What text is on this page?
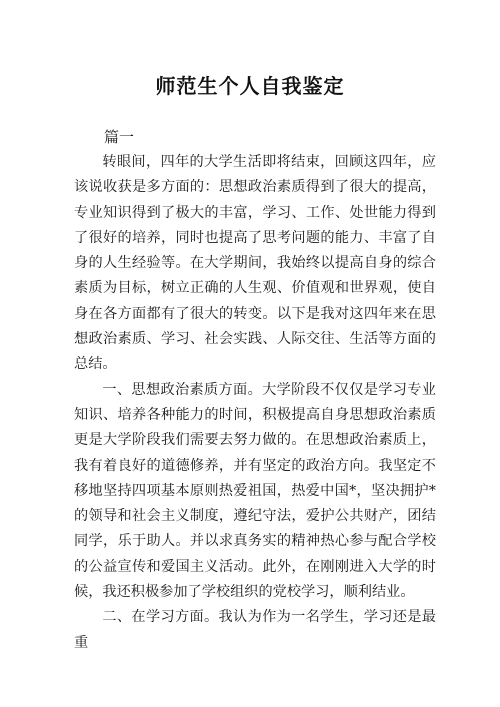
师范生个人自我鉴定
篇一

转眼间，四年的大学生活即将结束，回顾这四年，应该说收获是多方面的：思想政治素质得到了很大的提高，专业知识得到了极大的丰富，学习、工作、处世能力得到了很好的培养，同时也提高了思考问题的能力、丰富了自身的人生经验等。在大学期间，我始终以提高自身的综合素质为目标，树立正确的人生观、价值观和世界观，使自身在各方面都有了很大的转变。以下是我对这四年来在思想政治素质、学习、社会实践、人际交往、生活等方面的总结。

一、思想政治素质方面。大学阶段不仅仅是学习专业知识、培养各种能力的时间，积极提高自身思想政治素质更是大学阶段我们需要去努力做的。在思想政治素质上，我有着良好的道德修养，并有坚定的政治方向。我坚定不移地坚持四项基本原则热爱祖国，热爱中国*，坚决拥护*的领导和社会主义制度，遵纪守法，爱护公共财产，团结同学，乐于助人。并以求真务实的精神热心参与配合学校的公益宣传和爱国主义活动。此外，在刚刚进入大学的时候，我还积极参加了学校组织的党校学习，顺利结业。

二、在学习方面。我认为作为一名学生，学习还是最重
